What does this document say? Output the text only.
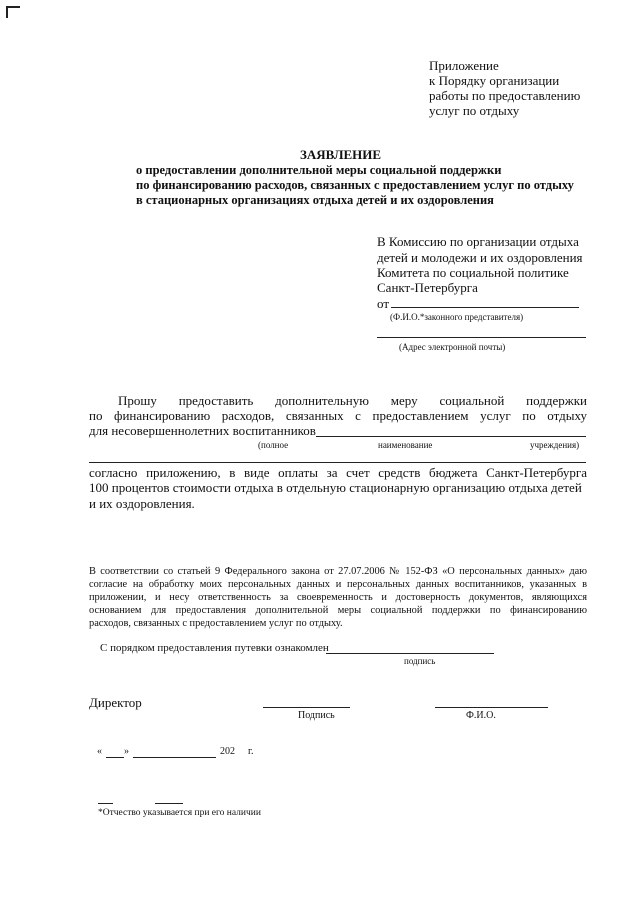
Приложение
к Порядку организации
работы по предоставлению
услуг по отдыху
ЗАЯВЛЕНИЕ
о предоставлении дополнительной меры социальной поддержки
по финансированию расходов, связанных с предоставлением услуг по отдыху
в стационарных организациях отдыха детей и их оздоровления
В Комиссию по организации отдыха
детей и молодежи и их оздоровления
Комитета по социальной политике
Санкт-Петербурга
от
(Ф.И.О.*законного представителя)
(Адрес электронной почты)
Прошу предоставить дополнительную меру социальной поддержки
по финансированию расходов, связанных с предоставлением услуг по отдыху
для несовершеннолетних воспитанников
(полное	наименование	учреждения)
согласно приложению, в виде оплаты за счет средств бюджета Санкт-Петербурга
100 процентов стоимости отдыха в отдельную стационарную организацию отдыха детей
и их оздоровления.
В соответствии со статьей 9 Федерального закона от 27.07.2006 № 152-ФЗ «О персональных данных» даю
согласие на обработку моих персональных данных и персональных данных воспитанников, указанных в
приложении, и несу ответственность за своевременность и достоверность документов, являющихся
основанием для предоставления дополнительной меры социальной поддержки по финансированию
расходов, связанных с предоставлением услуг по отдыху.
С порядком предоставления путевки ознакомлен
подпись
Директор
Подпись	Ф.И.О.
« »	202 г.
*Отчество указывается при его наличии
